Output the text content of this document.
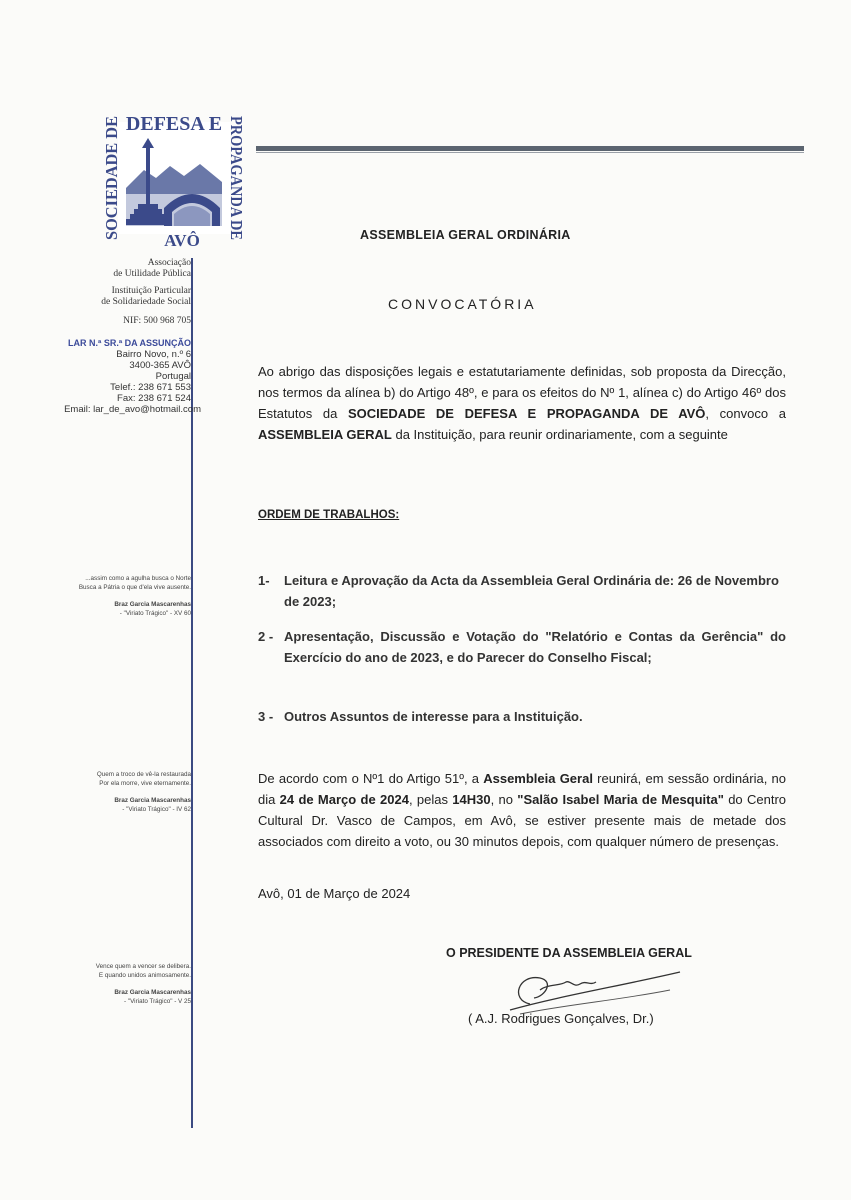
DEFESA E
SOCIEDADE DE	PROPAGANDA DE
AVÔ
Associação
de Utilidade Pública
Instituição Particular
de Solidariedade Social
NIF: 500 968 705
LAR N.ª SR.ª DA ASSUNÇÃO
Bairro Novo, n.º 6
3400-365 AVÔ
Portugal
Telef.: 238 671 553
Fax: 238 671 524
Email: lar_de_avo@hotmail.com
...assim como a agulha busca o Norte
Busca a Pátria o que d'ela vive ausente.
Braz Garcia Mascarenhas
- "Viriato Trágico" - XV 60
Quem a troco de vê-la restaurada
Por ela morre, vive eternamente.
Braz Garcia Mascarenhas
- "Viriato Trágico" - IV 62
Vence quem a vencer se delibera.
E quando unidos animosamente.
Braz Garcia Mascarenhas
- "Viriato Trágico" - V 25
ASSEMBLEIA GERAL ORDINÁRIA
CONVOCATÓRIA
Ao abrigo das disposições legais e estatutariamente definidas, sob proposta da Direcção, nos termos da alínea b) do Artigo 48º, e para os efeitos do Nº 1, alínea c) do Artigo 46º dos Estatutos da SOCIEDADE DE DEFESA E PROPAGANDA DE AVÔ, convoco a ASSEMBLEIA GERAL da Instituição, para reunir ordinariamente, com a seguinte
ORDEM DE TRABALHOS:
1- Leitura e Aprovação da Acta da Assembleia Geral Ordinária de: 26 de Novembro de 2023;
2 - Apresentação, Discussão e Votação do "Relatório e Contas da Gerência" do Exercício do ano de 2023, e do Parecer do Conselho Fiscal;
3 - Outros Assuntos de interesse para a Instituição.
De acordo com o Nº1 do Artigo 51º, a Assembleia Geral reunirá, em sessão ordinária, no dia 24 de Março de 2024, pelas 14H30, no "Salão Isabel Maria de Mesquita" do Centro Cultural Dr. Vasco de Campos, em Avô, se estiver presente mais de metade dos associados com direito a voto, ou 30 minutos depois, com qualquer número de presenças.
Avô, 01 de Março de 2024
O PRESIDENTE DA ASSEMBLEIA GERAL
( A.J. Rodrigues Gonçalves, Dr.)
